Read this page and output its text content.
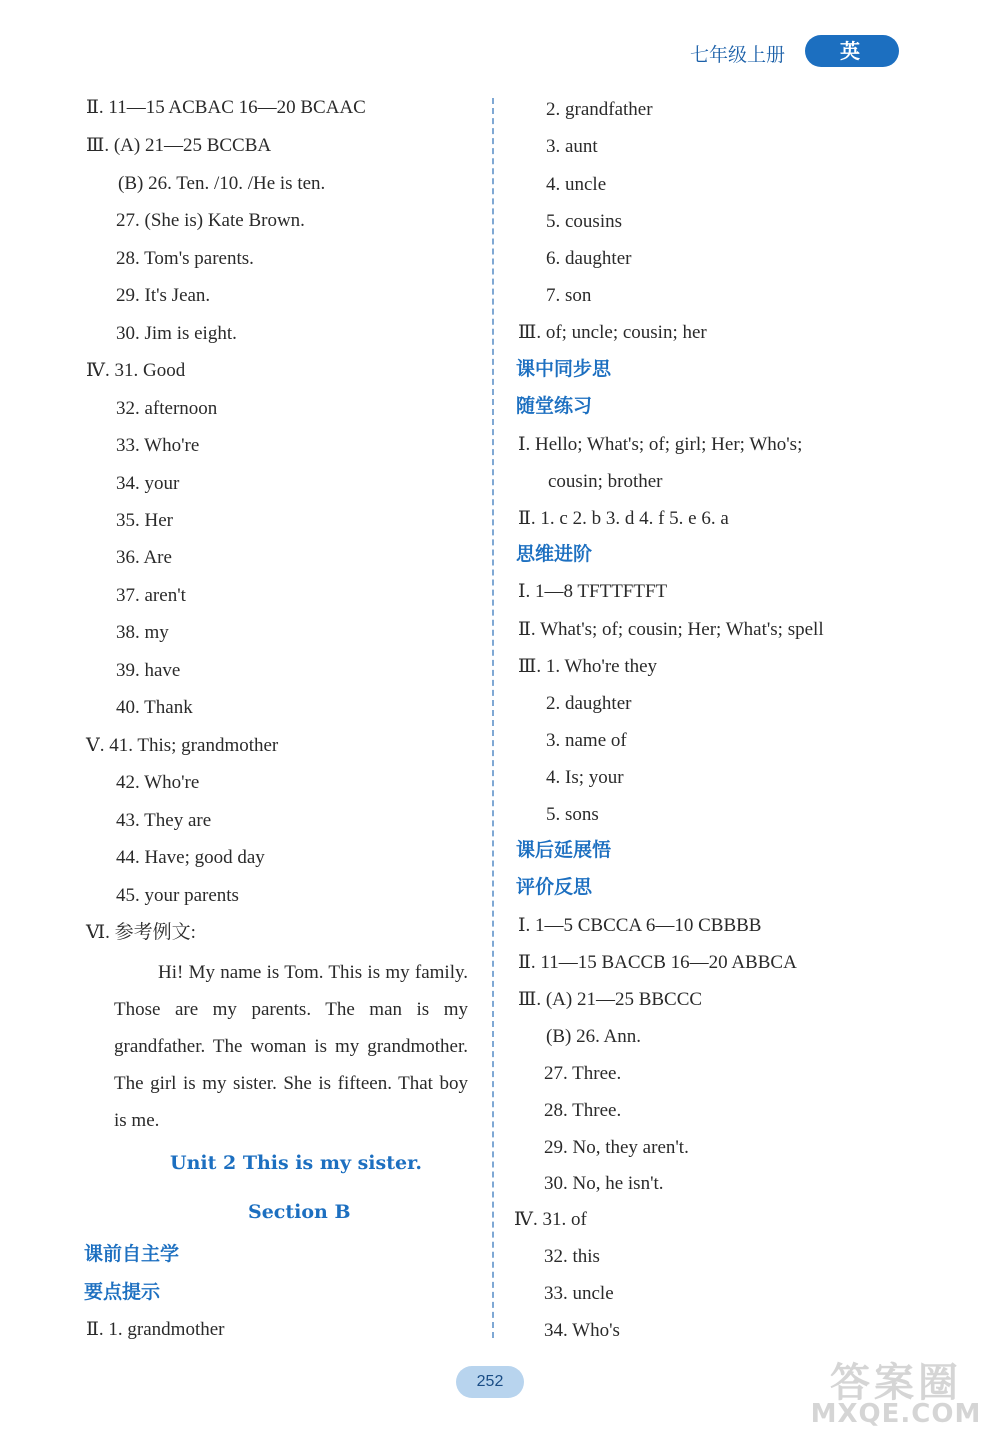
七年级上册	英 语
Ⅱ. 11—15 ACBAC 16—20 BCAAC
Ⅲ. (A) 21—25 BCCBA
(B) 26. Ten. /10. /He is ten.
27. (She is) Kate Brown.
28. Tom's parents.
29. It's Jean.
30. Jim is eight.
Ⅳ. 31. Good
32. afternoon
33. Who're
34. your
35. Her
36. Are
37. aren't
38. my
39. have
40. Thank
Ⅴ. 41. This; grandmother
42. Who're
43. They are
44. Have; good day
45. your parents
Ⅵ. 参考例文:
Hi! My name is Tom. This is my family. Those are my parents. The man is my grandfather. The woman is my grandmother. The girl is my sister. She is fifteen. That boy is me.
Unit 2 This is my sister.
Section B
课前自主学
要点提示
Ⅱ. 1. grandmother
2. grandfather
3. aunt
4. uncle
5. cousins
6. daughter
7. son
Ⅲ. of; uncle; cousin; her
课中同步思
随堂练习
Ⅰ. Hello; What's; of; girl; Her; Who's;
cousin; brother
Ⅱ. 1. c 2. b 3. d 4. f 5. e 6. a
思维进阶
Ⅰ. 1—8 TFTTFTFT
Ⅱ. What's; of; cousin; Her; What's; spell
Ⅲ. 1. Who're they
2. daughter
3. name of
4. Is; your
5. sons
课后延展悟
评价反思
Ⅰ. 1—5 CBCCA 6—10 CBBBB
Ⅱ. 11—15 BACCB 16—20 ABBCA
Ⅲ. (A) 21—25 BBCCC
(B) 26. Ann.
27. Three.
28. Three.
29. No, they aren't.
30. No, he isn't.
Ⅳ. 31. of
32. this
33. uncle
34. Who's
252	答案圈
MXQE.COM
